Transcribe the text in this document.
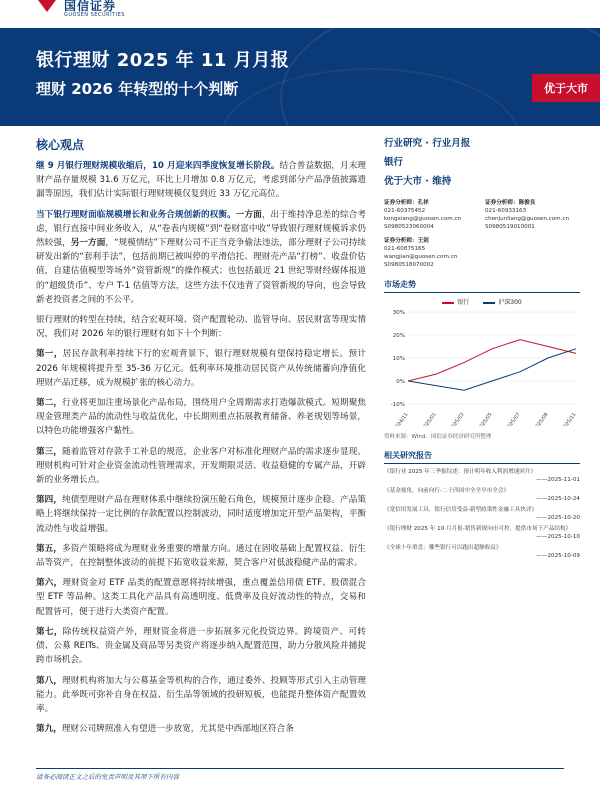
国信证券
GUOSEN SECURITIES
银行理财 2025 年 11 月月报
理财 2026 年转型的十个判断	优于大市
核心观点

继 9 月银行理财规模收缩后，10 月迎来四季度恢复增长阶段。结合普益数据，月末理财产品存量规模 31.6 万亿元，环比上月增加 0.8 万亿元，考虑到部分产品净值披露遗漏等原因，我们估计实际银行理财规模仅复到近 33 万亿元高位。

当下银行理财面临规模增长和业务合规创新的权衡。一方面，出于维持净息差的综合考虑，银行直接中间业务收入，从“卷表内规模”到“卷财富中收”导致银行理财规模诉求仍然较强，另一方面，“规模情结”下理财公司不正当竞争偷法违法，部分理财子公司持续研发出新的“套利手法”，包括前期已被叫停的平滑信托、理财壳产品“打榜”、收盘价估值，自建估值模型等场外“资管新规”的操作模式；也包括最近 21 世纪等财经媒体报道的“超级货币”、专户 T-1 估值等方法，这些方法不仅违背了资管新规的导向，也会导致新老投资者之间的不公平。

银行理财的转型在持续，结合宏观环境、资产配置轮动、监管导向、居民财富等现实情况，我们对 2026 年的银行理财有如下十个判断：

第一，居民存款利率持续下行的宏观背景下，银行理财规模有望保持稳定增长。预计 2026 年规模将提升至 35-36 万亿元。低利率环境推动居民资产从传统储蓄向净值化理财产品迁移，成为规模扩张的核心动力。

第二，行业将更加注重场景化产品布局，围绕用户全周期需求打造爆款模式。短期聚焦现金管理类产品的流动性与收益优化，中长期则重点拓展教育储备、养老规划等场景，以特色功能增强客户黏性。

第三，随着监管对存款手工补息的规范，企业客户对标准化理财产品的需求逐步显现。理财机构可针对企业资金流动性管理需求，开发期限灵活、收益稳健的专属产品，开辟新的业务增长点。

第四，纯债型理财产品在理财体系中继续扮演压舱石角色，规模预计逐步企稳。产品策略上将继续保持一定比例的存款配置以控制波动，同时适度增加定开型产品架构，平衡流动性与收益增强。

第五，多资产策略将成为理财业务重要的增量方向。通过在固收基础上配置权益、衍生品等资产，在控制整体波动的前提下拓宽收益来源，契合客户对低波稳健产品的需求。

第六，理财资金对 ETF 品类的配置意愿将持续增强，重点覆盖信用债 ETF、股债混合型 ETF 等品种。这类工具化产品具有高透明度、低费率及良好流动性的特点，交易和配置皆可，便于进行大类资产配置。

第七，除传统权益资产外，理财资金将进一步拓展多元化投资边界。跨境资产、可转债、公募 REITs、贵金属及商品等另类资产将逐步纳入配置范围，助力分散风险并捕捉跨市场机会。

第八，理财机构将加大与公募基金等机构的合作，通过委外、投顾等形式引入主动管理能力。此举既可弥补自身在权益、衍生品等领域的投研短板，也能提升整体资产配置效率。

第九，理财公司牌照准入有望进一步放宽，尤其是中西部地区符合条

行业研究 · 行业月报
银行
优于大市 · 维持
证券分析师：孔祥
021-60375452
kongxiang@guosen.com.cn
S0980523060004
证券分析师：陈俊良
021-60933163
chenjunliang@guosen.com.cn
S0980519010001
证券分析师：王剑
021-60875165
wangjian@guosen.com.cn
S0980518070002
市场走势
银行	沪深300
30%
20%
10%
0%
-10%
2024/11 2025/01 2025/03 2025/05 2025/07 2025/09 2025/11
资料来源：Wind、国信证券经济研究所整理
相关研究报告
《银行业 2025 年三季报综述：预计明年收入利润增速回升》
——2025-11-01
《基金视角，向前向行-二十四国中全全早市全会》
——2025-10-24
《宽信用发展工具、银行信贷受益-新型政策性金融工具快评》
——2025-10-20
《银行理财 2025 年 10 月月报-销售新规向市可控，提供市场下产品结构》
——2025-10-10
《全球十年重盘：哪些银行可以跑出超额收益》
——2025-10-09
请务必阅读正文之后的免责声明及其项下所有内容
